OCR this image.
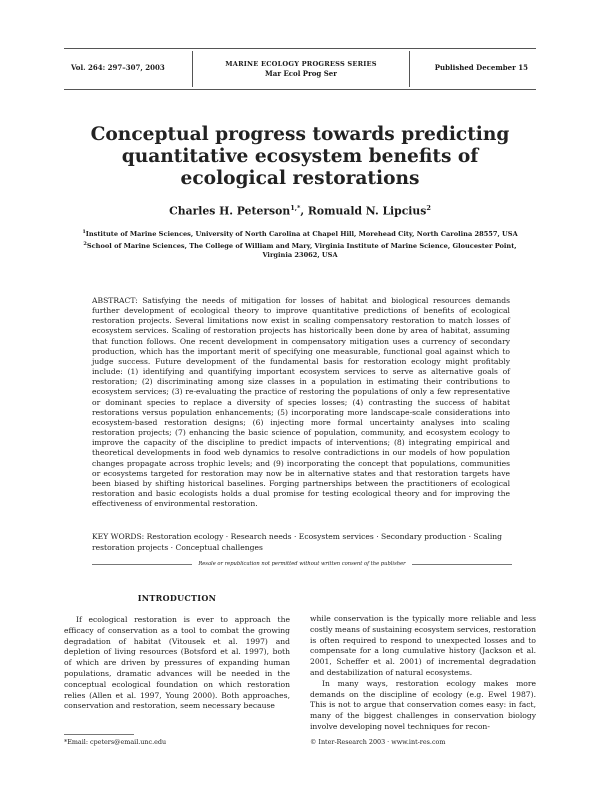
Vol. 264: 297–307, 2003	MARINE ECOLOGY PROGRESS SERIES
Mar Ecol Prog Ser
Published December 15
Conceptual progress towards predicting quantitative ecosystem benefits of ecological restorations
Charles H. Peterson$^{1,*}$, Romuald N. Lipcius$^2$
$^1$Institute of Marine Sciences, University of North Carolina at Chapel Hill, Morehead City, North Carolina 28557, USA
$^2$School of Marine Sciences, The College of William and Mary, Virginia Institute of Marine Science, Gloucester Point, Virginia 23062, USA

ABSTRACT: Satisfying the needs of mitigation for losses of habitat and biological resources demands further development of ecological theory to improve quantitative predictions of benefits of ecological restoration projects. Several limitations now exist in scaling compensatory restoration to match losses of ecosystem services. Scaling of restoration projects has historically been done by area of habitat, assuming that function follows. One recent development in compensatory mitigation uses a currency of secondary production, which has the important merit of specifying one measurable, functional goal against which to judge success. Future development of the fundamental basis for restoration ecology might profitably include: (1) identifying and quantifying important ecosystem services to serve as alternative goals of restoration; (2) discriminating among size classes in a population in estimating their contributions to ecosystem services; (3) re-evaluating the practice of restoring the populations of only a few representative or dominant species to replace a diversity of species losses; (4) contrasting the success of habitat restorations versus population enhancements; (5) incorporating more landscape-scale considerations into ecosystem-based restoration designs; (6) injecting more formal uncertainty analyses into scaling restoration projects; (7) enhancing the basic science of population, community, and ecosystem ecology to improve the capacity of the discipline to predict impacts of interventions; (8) integrating empirical and theoretical developments in food web dynamics to resolve contradictions in our models of how population changes propagate across trophic levels; and (9) incorporating the concept that populations, communities or ecosystems targeted for restoration may now be in alternative states and that restoration targets have been biased by shifting historical baselines. Forging partnerships between the practitioners of ecological restoration and basic ecologists holds a dual promise for testing ecological theory and for improving the effectiveness of environmental restoration.

KEY WORDS: Restoration ecology · Research needs · Ecosystem services · Secondary production · Scaling restoration projects · Conceptual challenges
Resale or republication not permitted without written consent of the publisher
INTRODUCTION

If ecological restoration is ever to approach the efficacy of conservation as a tool to combat the growing degradation of habitat (Vitousek et al. 1997) and depletion of living resources (Botsford et al. 1997), both of which are driven by pressures of expanding human populations, dramatic advances will be needed in the conceptual ecological foundation on which restoration relies (Allen et al. 1997, Young 2000). Both approaches, conservation and restoration, seem necessary because

while conservation is the typically more reliable and less costly means of sustaining ecosystem services, restoration is often required to respond to unexpected losses and to compensate for a long cumulative history (Jackson et al. 2001, Scheffer et al. 2001) of incremental degradation and destabilization of natural ecosystems.

In many ways, restoration ecology makes more demands on the discipline of ecology (e.g. Ewel 1987). This is not to argue that conservation comes easy: in fact, many of the biggest challenges in conservation biology involve developing novel techniques for recon-

*Email: cpeters@email.unc.edu	© Inter-Research 2003 · www.int-res.com
